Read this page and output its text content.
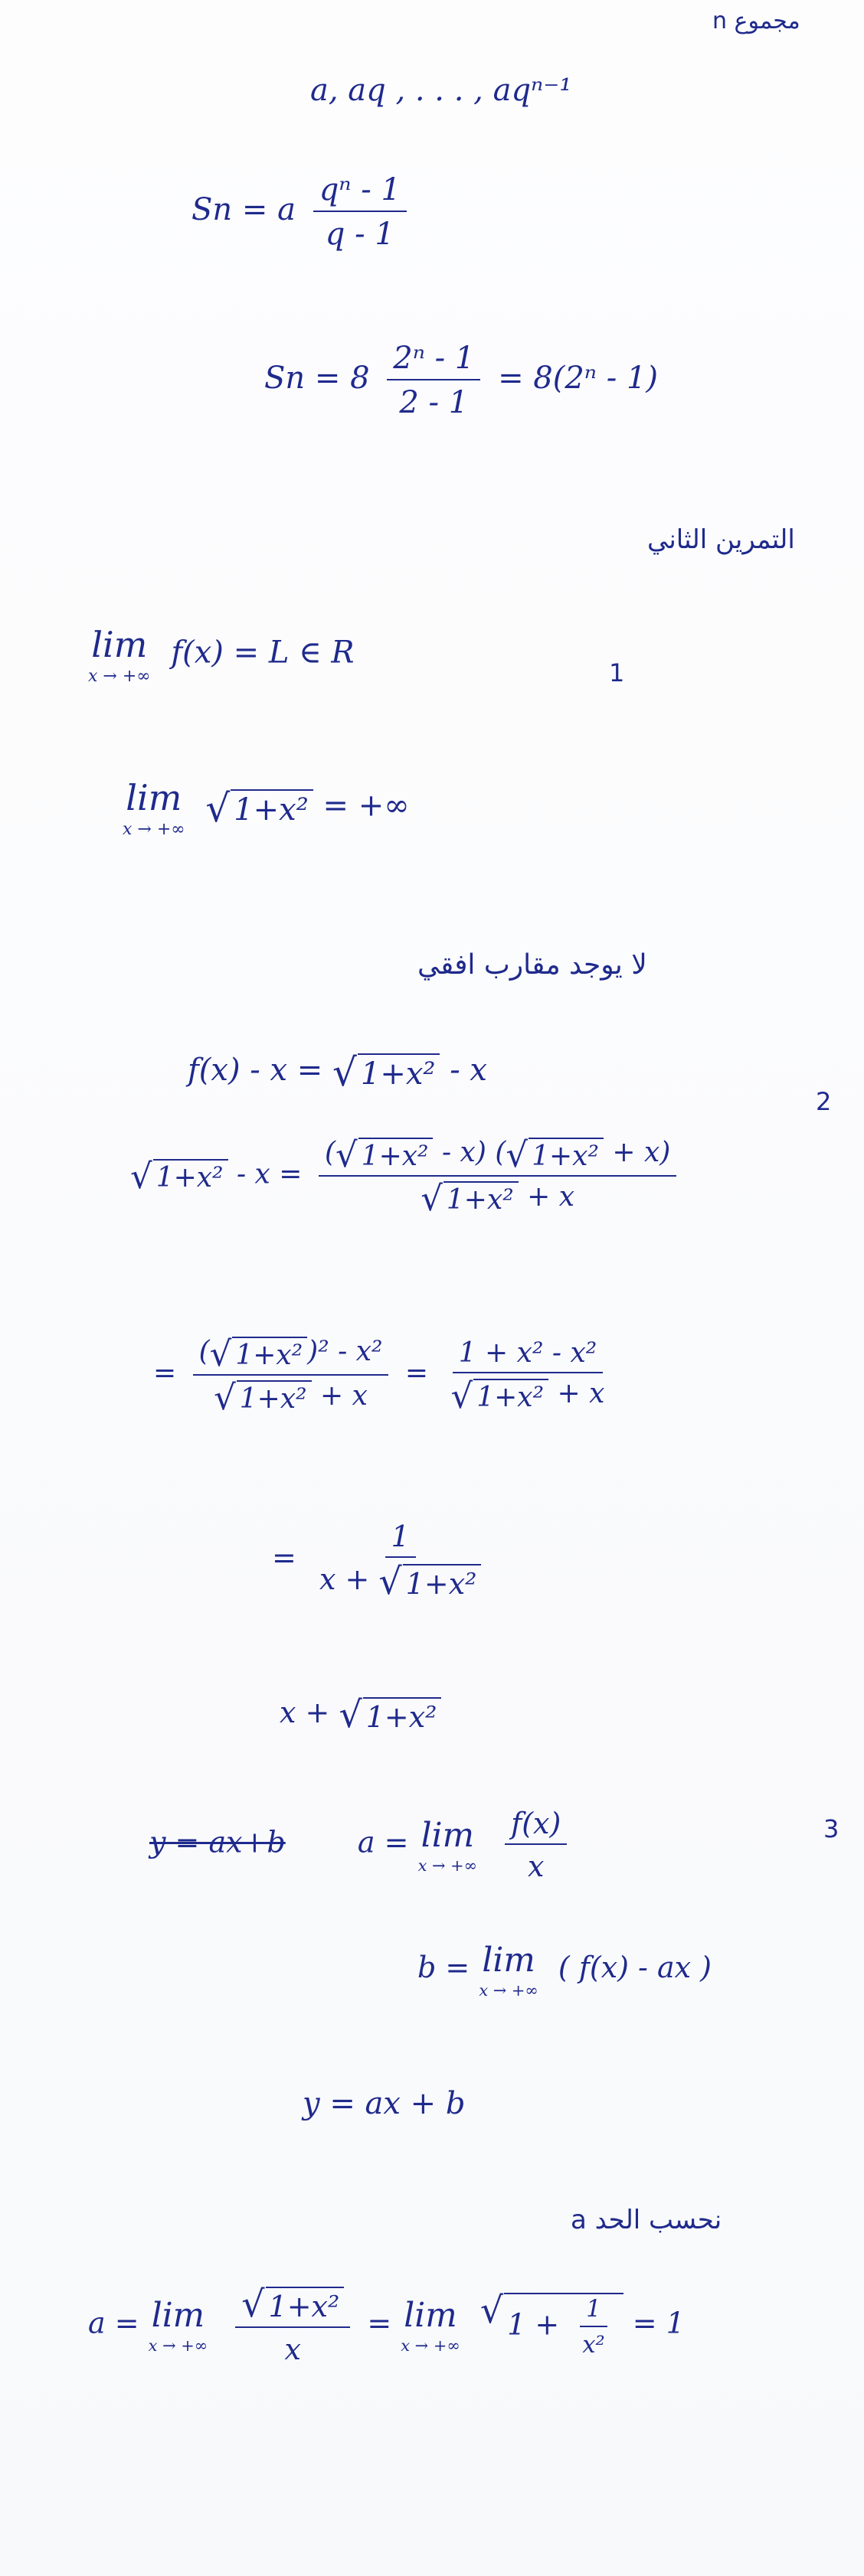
مجموع n
a, aq , . . . , aqⁿ⁻¹
Sn = a $\frac{\text{qⁿ - 1}}{q - 1}$
$Sn = 8 \frac{\text{2ⁿ - 1}}{2 - 1} = 8(2^n - 1)$
التمرين الثاني
lim
x → +∞
f(x) = L ∈ R
1
lim
x → +∞
√ 1+x² = +∞
لا يوجد مقارب افقي
f(x) - x = √ 1+x² - x
2
√ $1+x^2 - x = \frac{\text{( √ 1+x² - x) ( √ 1+x² + x)}}{\text{√ 1+x² + x}}$
= $\frac{\text{( √ 1+x² )² - x²}}{\text{√ 1+x² + x}} = \frac{\text{1 + x² - x²}}{\text{√ 1+x² + x}}$
= $\frac{1}{\text{x + √ 1+x²}}$
x + √ 1+x²
y = ax+b a = lim
x → +∞
$\frac{f(x)}{x}$	3
b = lim
x → +∞
( f(x) - ax )
y = ax + b
نحسب الحد a
a = lim
x → +∞
$\frac{\text{√ 1+x²}}{x} = \lim$
x → +∞

√ $1 + \frac{1}{\text{x²}} = 1$
